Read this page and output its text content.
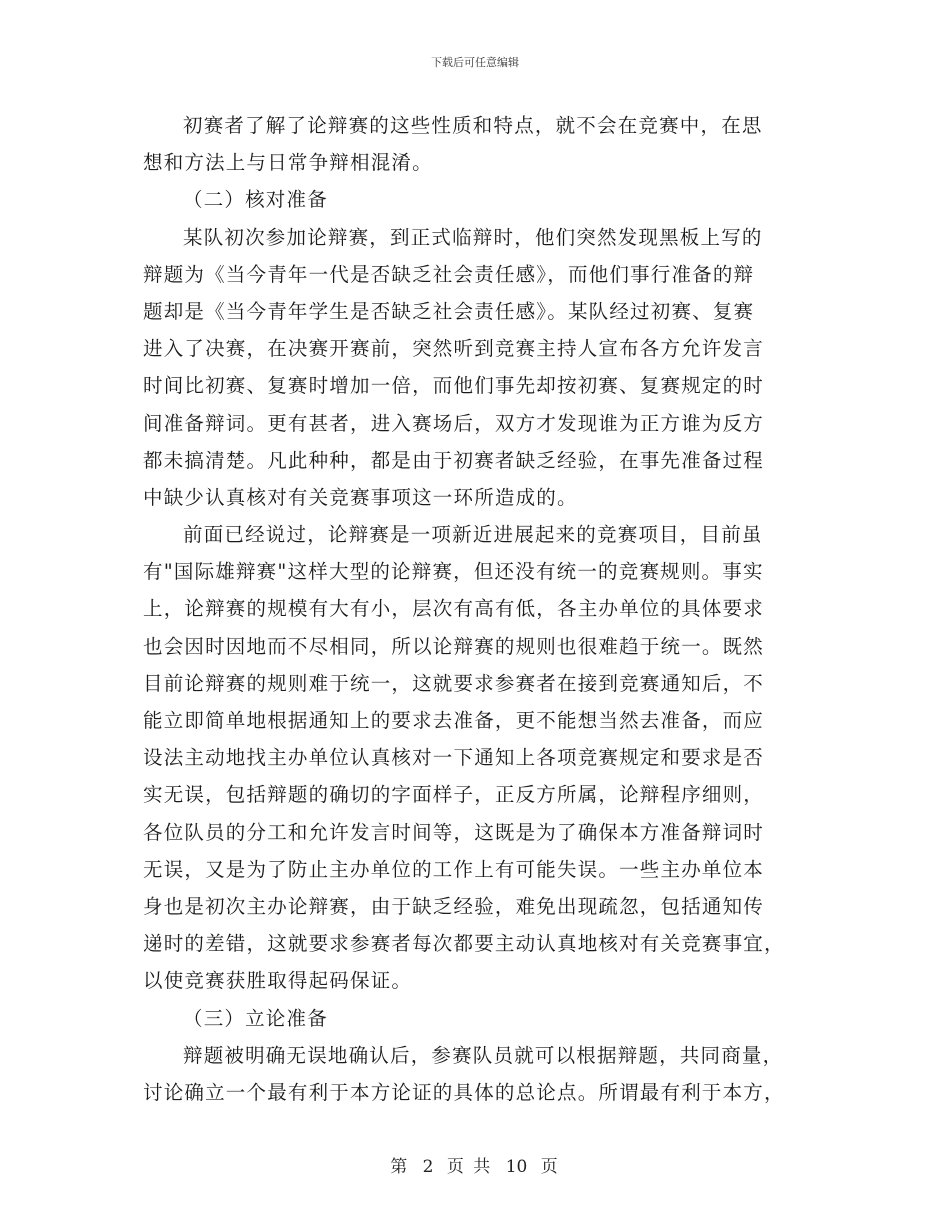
下载后可任意编辑
初赛者了解了论辩赛的这些性质和特点，就不会在竞赛中，在思
想和方法上与日常争辩相混淆。
（二）核对准备
某队初次参加论辩赛，到正式临辩时，他们突然发现黑板上写的
辩题为《当今青年一代是否缺乏社会责任感》，而他们事行准备的辩
题却是《当今青年学生是否缺乏社会责任感》。某队经过初赛、复赛
进入了决赛，在决赛开赛前，突然听到竞赛主持人宣布各方允许发言
时间比初赛、复赛时增加一倍，而他们事先却按初赛、复赛规定的时
间准备辩词。更有甚者，进入赛场后，双方才发现谁为正方谁为反方
都未搞清楚。凡此种种，都是由于初赛者缺乏经验，在事先准备过程
中缺少认真核对有关竞赛事项这一环所造成的。
前面已经说过，论辩赛是一项新近进展起来的竞赛项目，目前虽
有"国际雄辩赛"这样大型的论辩赛，但还没有统一的竞赛规则。事实
上，论辩赛的规模有大有小，层次有高有低，各主办单位的具体要求
也会因时因地而不尽相同，所以论辩赛的规则也很难趋于统一。既然
目前论辩赛的规则难于统一，这就要求参赛者在接到竞赛通知后，不
能立即简单地根据通知上的要求去准备，更不能想当然去准备，而应
设法主动地找主办单位认真核对一下通知上各项竞赛规定和要求是否
实无误，包括辩题的确切的字面样子，正反方所属，论辩程序细则，
各位队员的分工和允许发言时间等，这既是为了确保本方准备辩词时
无误，又是为了防止主办单位的工作上有可能失误。一些主办单位本
身也是初次主办论辩赛，由于缺乏经验，难免出现疏忽，包括通知传
递时的差错，这就要求参赛者每次都要主动认真地核对有关竞赛事宜，
以使竞赛获胜取得起码保证。
（三）立论准备
辩题被明确无误地确认后，参赛队员就可以根据辩题，共同商量，
讨论确立一个最有利于本方论证的具体的总论点。所谓最有利于本方，
第 2 页 共 10 页
